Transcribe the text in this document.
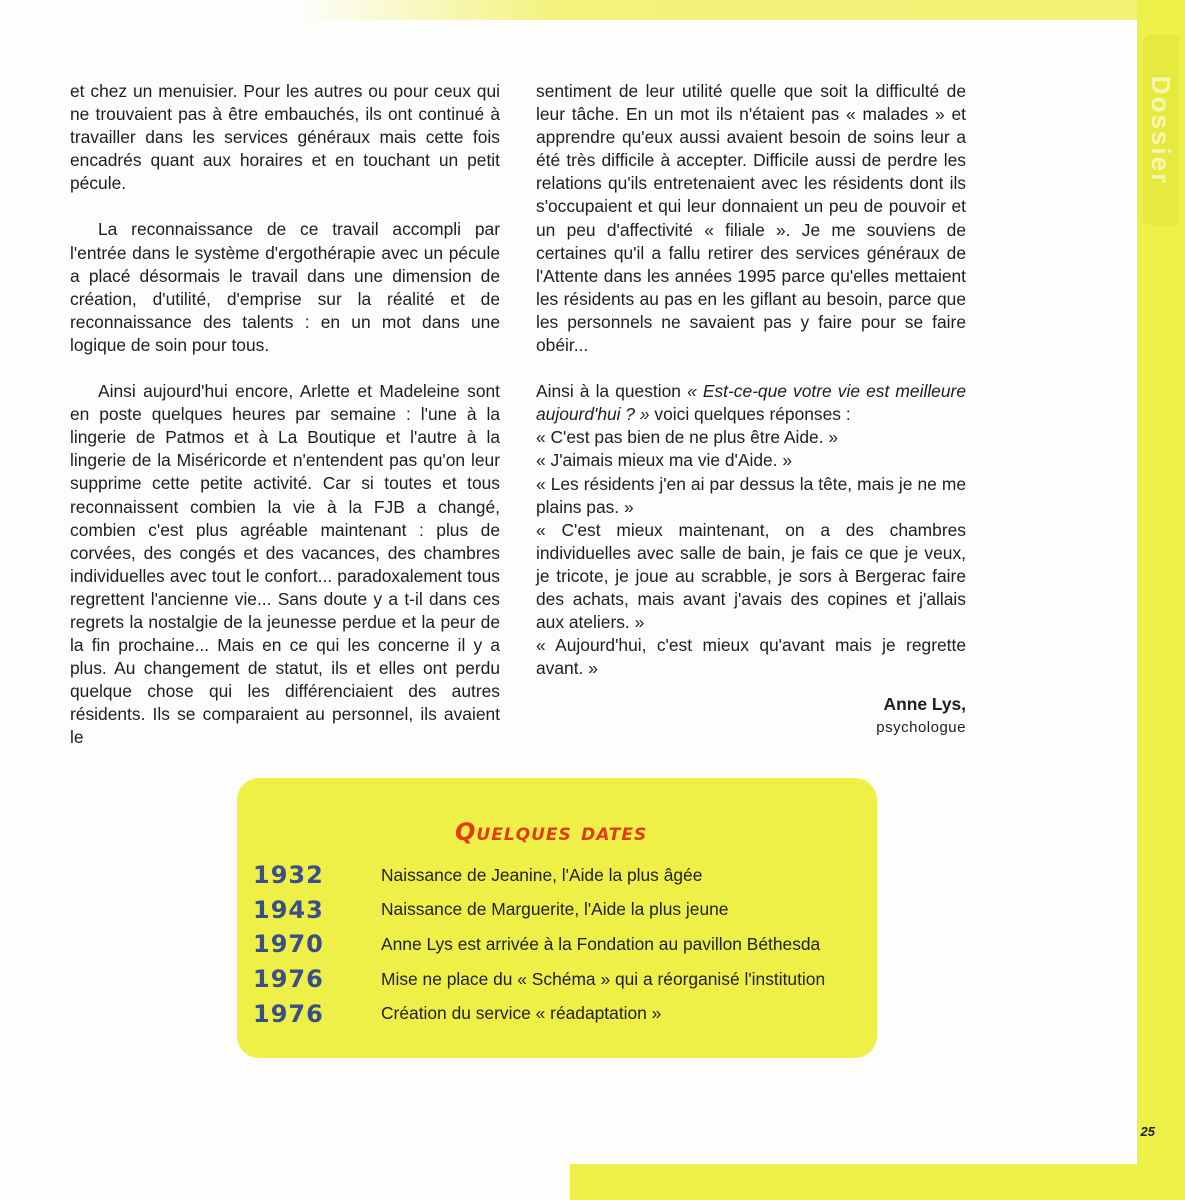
Dossier
25

et chez un menuisier. Pour les autres ou pour ceux qui ne trouvaient pas à être embauchés, ils ont continué à travailler dans les services généraux mais cette fois encadrés quant aux horaires et en touchant un petit pécule.

La reconnaissance de ce travail accompli par l'entrée dans le système d'ergothérapie avec un pécule a placé désormais le travail dans une dimension de création, d'utilité, d'emprise sur la réalité et de reconnaissance des talents : en un mot dans une logique de soin pour tous.

Ainsi aujourd'hui encore, Arlette et Madeleine sont en poste quelques heures par semaine : l'une à la lingerie de Patmos et à La Boutique et l'autre à la lingerie de la Miséricorde et n'entendent pas qu'on leur supprime cette petite activité. Car si toutes et tous reconnaissent combien la vie à la FJB a changé, combien c'est plus agréable maintenant : plus de corvées, des congés et des vacances, des chambres individuelles avec tout le confort... paradoxalement tous regrettent l'ancienne vie... Sans doute y a t-il dans ces regrets la nostalgie de la jeunesse perdue et la peur de la fin prochaine... Mais en ce qui les concerne il y a plus. Au changement de statut, ils et elles ont perdu quelque chose qui les différenciaient des autres résidents. Ils se comparaient au personnel, ils avaient le

sentiment de leur utilité quelle que soit la difficulté de leur tâche. En un mot ils n'étaient pas « malades » et apprendre qu'eux aussi avaient besoin de soins leur a été très difficile à accepter. Difficile aussi de perdre les relations qu'ils entretenaient avec les résidents dont ils s'occupaient et qui leur donnaient un peu de pouvoir et un peu d'affectivité « filiale ». Je me souviens de certaines qu'il a fallu retirer des services généraux de l'Attente dans les années 1995 parce qu'elles mettaient les résidents au pas en les giflant au besoin, parce que les personnels ne savaient pas y faire pour se faire obéir...

Ainsi à la question « Est-ce-que votre vie est meilleure aujourd'hui ? » voici quelques réponses :

« C'est pas bien de ne plus être Aide. »

« J'aimais mieux ma vie d'Aide. »

« Les résidents j'en ai par dessus la tête, mais je ne me plains pas. »

« C'est mieux maintenant, on a des chambres individuelles avec salle de bain, je fais ce que je veux, je tricote, je joue au scrabble, je sors à Bergerac faire des achats, mais avant j'avais des copines et j'allais aux ateliers. »

« Aujourd'hui, c'est mieux qu'avant mais je regrette avant. »

Anne Lys,
psychologue

Quelques dates
1932	Naissance de Jeanine, l'Aide la plus âgée
1943	Naissance de Marguerite, l'Aide la plus jeune
1970	Anne Lys est arrivée à la Fondation au pavillon Béthesda
1976	Mise ne place du « Schéma » qui a réorganisé l'institution
1976	Création du service « réadaptation »
